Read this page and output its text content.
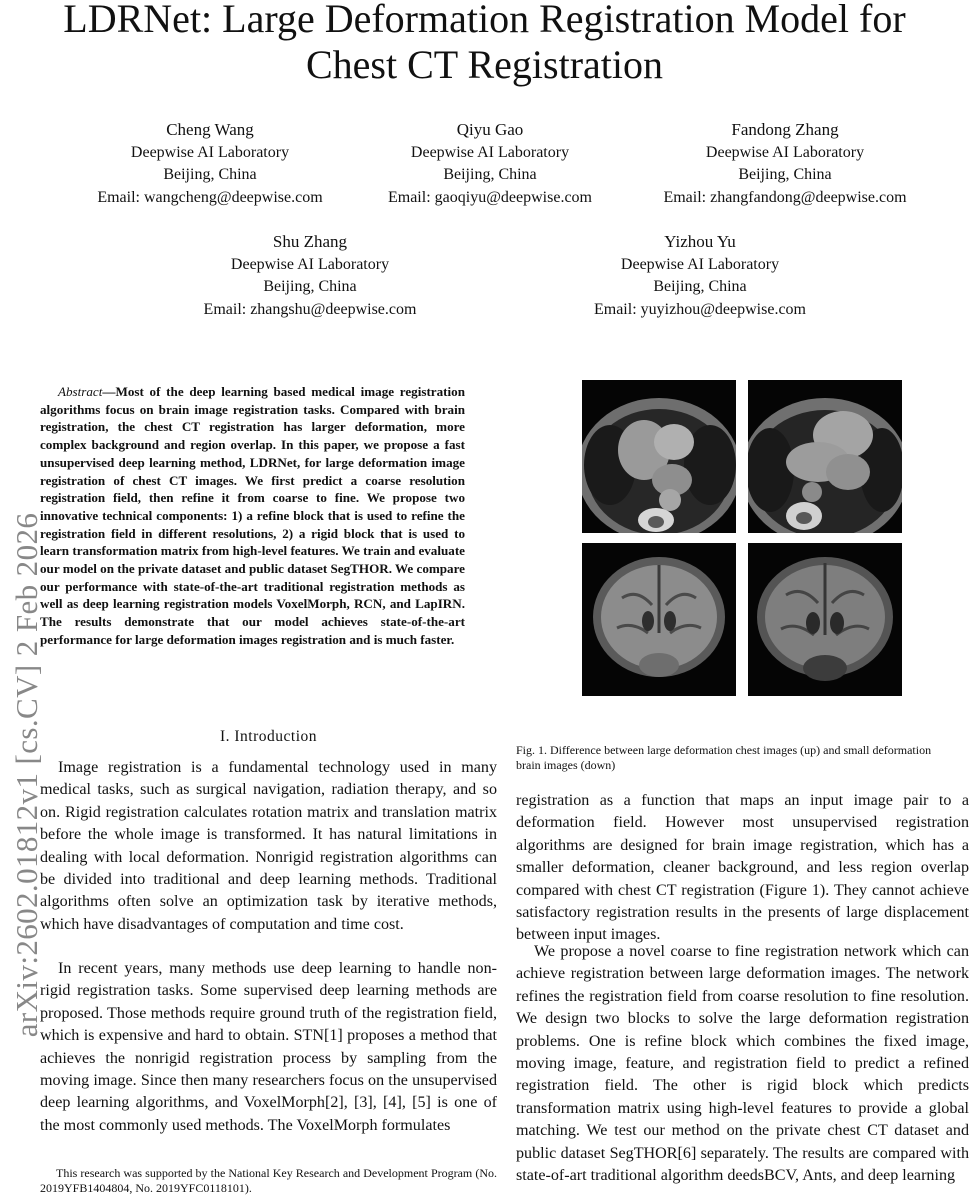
LDRNet: Large Deformation Registration Model for Chest CT Registration
Cheng Wang
Deepwise AI Laboratory
Beijing, China
Email: wangcheng@deepwise.com
Qiyu Gao
Deepwise AI Laboratory
Beijing, China
Email: gaoqiyu@deepwise.com
Fandong Zhang
Deepwise AI Laboratory
Beijing, China
Email: zhangfandong@deepwise.com
Shu Zhang
Deepwise AI Laboratory
Beijing, China
Email: zhangshu@deepwise.com
Yizhou Yu
Deepwise AI Laboratory
Beijing, China
Email: yuyizhou@deepwise.com
arXiv:2602.01812v1 [cs.CV] 2 Feb 2026

Abstract—Most of the deep learning based medical image registration algorithms focus on brain image registration tasks. Compared with brain registration, the chest CT registration has larger deformation, more complex background and region overlap. In this paper, we propose a fast unsupervised deep learning method, LDRNet, for large deformation image registration of chest CT images. We first predict a coarse resolution registration field, then refine it from coarse to fine. We propose two innovative technical components: 1) a refine block that is used to refine the registration field in different resolutions, 2) a rigid block that is used to learn transformation matrix from high-level features. We train and evaluate our model on the private dataset and public dataset SegTHOR. We compare our performance with state-of-the-art traditional registration methods as well as deep learning registration models VoxelMorph, RCN, and LapIRN. The results demonstrate that our model achieves state-of-the-art performance for large deformation images registration and is much faster.

I. Introduction

Image registration is a fundamental technology used in many medical tasks, such as surgical navigation, radiation therapy, and so on. Rigid registration calculates rotation matrix and translation matrix before the whole image is transformed. It has natural limitations in dealing with local deformation. Nonrigid registration algorithms can be divided into traditional and deep learning methods. Traditional algorithms often solve an optimization task by iterative methods, which have disadvantages of computation and time cost.

In recent years, many methods use deep learning to handle non-rigid registration tasks. Some supervised deep learning methods are proposed. Those methods require ground truth of the registration field, which is expensive and hard to obtain. STN[1] proposes a method that achieves the nonrigid registration process by sampling from the moving image. Since then many researchers focus on the unsupervised deep learning algorithms, and VoxelMorph[2], [3], [4], [5] is one of the most commonly used methods. The VoxelMorph formulates

This research was supported by the National Key Research and Development Program (No. 2019YFB1404804, No. 2019YFC0118101).

Fig. 1. Difference between large deformation chest images (up) and small deformation brain images (down)

registration as a function that maps an input image pair to a deformation field. However most unsupervised registration algorithms are designed for brain image registration, which has a smaller deformation, cleaner background, and less region overlap compared with chest CT registration (Figure 1). They cannot achieve satisfactory registration results in the presents of large displacement between input images.

We propose a novel coarse to fine registration network which can achieve registration between large deformation images. The network refines the registration field from coarse resolution to fine resolution. We design two blocks to solve the large deformation registration problems. One is refine block which combines the fixed image, moving image, feature, and registration field to predict a refined registration field. The other is rigid block which predicts transformation matrix using high-level features to provide a global matching. We test our method on the private chest CT dataset and public dataset SegTHOR[6] separately. The results are compared with state-of-art traditional algorithm deedsBCV, Ants, and deep learning
